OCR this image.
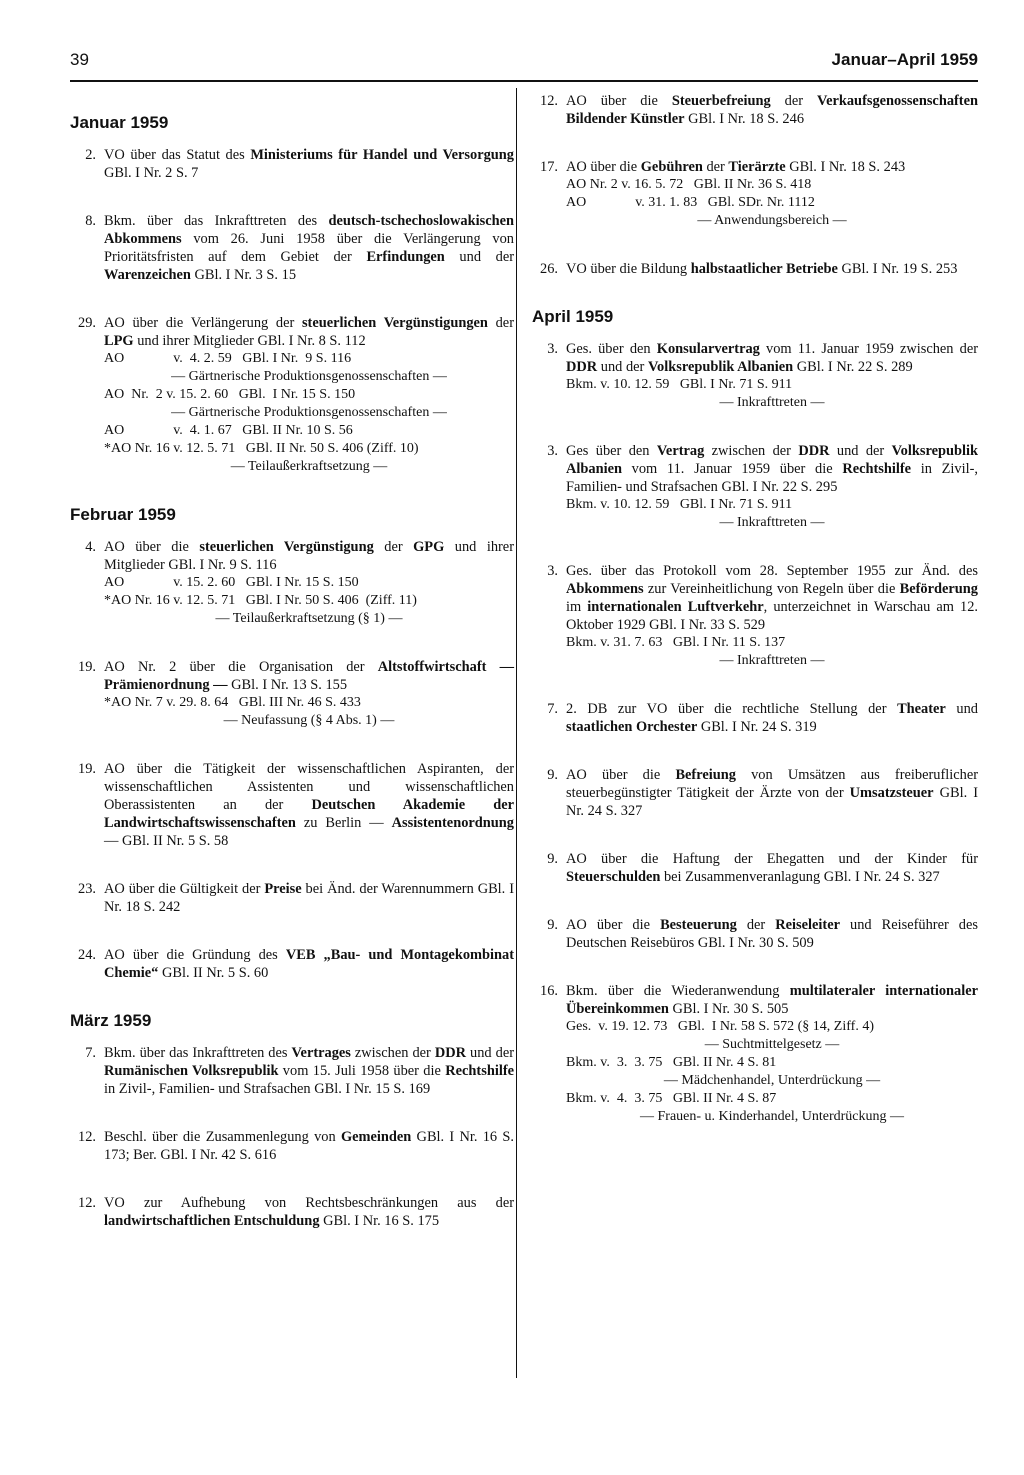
39	Januar–April 1959
Januar 1959
2. VO über das Statut des Ministeriums für Handel und Versorgung GBl. I Nr. 2 S. 7
8. Bkm. über das Inkrafttreten des deutsch-tschechoslowakischen Abkommens vom 26. Juni 1958 über die Verlängerung von Prioritätsfristen auf dem Gebiet der Erfindungen und der Warenzeichen GBl. I Nr. 3 S. 15
29. AO über die Verlängerung der steuerlichen Vergünstigungen der LPG und ihrer Mitglieder GBl. I Nr. 8 S. 112
AO              v.  4. 2. 59   GBl. I Nr.  9 S. 116
— Gärtnerische Produktionsgenossenschaften —
AO  Nr.  2 v. 15. 2. 60   GBl.  I Nr. 15 S. 150
— Gärtnerische Produktionsgenossenschaften —
AO              v.  4. 1. 67   GBl. II Nr. 10 S. 56
*AO Nr. 16 v. 12. 5. 71   GBl. II Nr. 50 S. 406 (Ziff. 10)
— Teilaußerkraftsetzung —
Februar 1959
4. AO über die steuerlichen Vergünstigung der GPG und ihrer Mitglieder GBl. I Nr. 9 S. 116
AO              v. 15. 2. 60   GBl. I Nr. 15 S. 150
*AO Nr. 16 v. 12. 5. 71   GBl. I Nr. 50 S. 406  (Ziff. 11)
— Teilaußerkraftsetzung (§ 1) —
19. AO Nr. 2 über die Organisation der Altstoffwirtschaft — Prämienordnung — GBl. I Nr. 13 S. 155
*AO Nr. 7 v. 29. 8. 64   GBl. III Nr. 46 S. 433
— Neufassung (§ 4 Abs. 1) —
19. AO über die Tätigkeit der wissenschaftlichen Aspiranten, der wissenschaftlichen Assistenten und wissenschaftlichen Oberassistenten an der Deutschen Akademie der Landwirtschaftswissenschaften zu Berlin — Assistentenordnung — GBl. II Nr. 5 S. 58
23. AO über die Gültigkeit der Preise bei Änd. der Warennummern GBl. I Nr. 18 S. 242
24. AO über die Gründung des VEB „Bau- und Montagekombinat Chemie“ GBl. II Nr. 5 S. 60
März 1959
7. Bkm. über das Inkrafttreten des Vertrages zwischen der DDR und der Rumänischen Volksrepublik vom 15. Juli 1958 über die Rechtshilfe in Zivil-, Familien- und Strafsachen GBl. I Nr. 15 S. 169
12. Beschl. über die Zusammenlegung von Gemeinden GBl. I Nr. 16 S. 173; Ber. GBl. I Nr. 42 S. 616
12. VO zur Aufhebung von Rechtsbeschränkungen aus der landwirtschaftlichen Entschuldung GBl. I Nr. 16 S. 175
12. AO über die Steuerbefreiung der Verkaufsgenossenschaften Bildender Künstler GBl. I Nr. 18 S. 246
17. AO über die Gebühren der Tierärzte GBl. I Nr. 18 S. 243
AO Nr. 2 v. 16. 5. 72   GBl. II Nr. 36 S. 418
AO              v. 31. 1. 83   GBl. SDr. Nr. 1112
— Anwendungsbereich —
26. VO über die Bildung halbstaatlicher Betriebe GBl. I Nr. 19 S. 253
April 1959
3. Ges. über den Konsularvertrag vom 11. Januar 1959 zwischen der DDR und der Volksrepublik Albanien GBl. I Nr. 22 S. 289
Bkm. v. 10. 12. 59   GBl. I Nr. 71 S. 911
— Inkrafttreten —
3. Ges über den Vertrag zwischen der DDR und der Volksrepublik Albanien vom 11. Januar 1959 über die Rechtshilfe in Zivil-, Familien- und Strafsachen GBl. I Nr. 22 S. 295
Bkm. v. 10. 12. 59   GBl. I Nr. 71 S. 911
— Inkrafttreten —
3. Ges. über das Protokoll vom 28. September 1955 zur Änd. des Abkommens zur Vereinheitlichung von Regeln über die Beförderung im internationalen Luftverkehr, unterzeichnet in Warschau am 12. Oktober 1929 GBl. I Nr. 33 S. 529
Bkm. v. 31. 7. 63   GBl. I Nr. 11 S. 137
— Inkrafttreten —
7. 2. DB zur VO über die rechtliche Stellung der Theater und staatlichen Orchester GBl. I Nr. 24 S. 319
9. AO über die Befreiung von Umsätzen aus freiberuflicher steuerbegünstigter Tätigkeit der Ärzte von der Umsatzsteuer GBl. I Nr. 24 S. 327
9. AO über die Haftung der Ehegatten und der Kinder für Steuerschulden bei Zusammenveranlagung GBl. I Nr. 24 S. 327
9. AO über die Besteuerung der Reiseleiter und Reiseführer des Deutschen Reisebüros GBl. I Nr. 30 S. 509
16. Bkm. über die Wiederanwendung multilateraler internationaler Übereinkommen GBl. I Nr. 30 S. 505
Ges.  v. 19. 12. 73   GBl.  I Nr. 58 S. 572 (§ 14, Ziff. 4)
— Suchtmittelgesetz —
Bkm. v.  3.  3. 75   GBl. II Nr. 4 S. 81
— Mädchenhandel, Unterdrückung —
Bkm. v.  4.  3. 75   GBl. II Nr. 4 S. 87
— Frauen- u. Kinderhandel, Unterdrückung —
